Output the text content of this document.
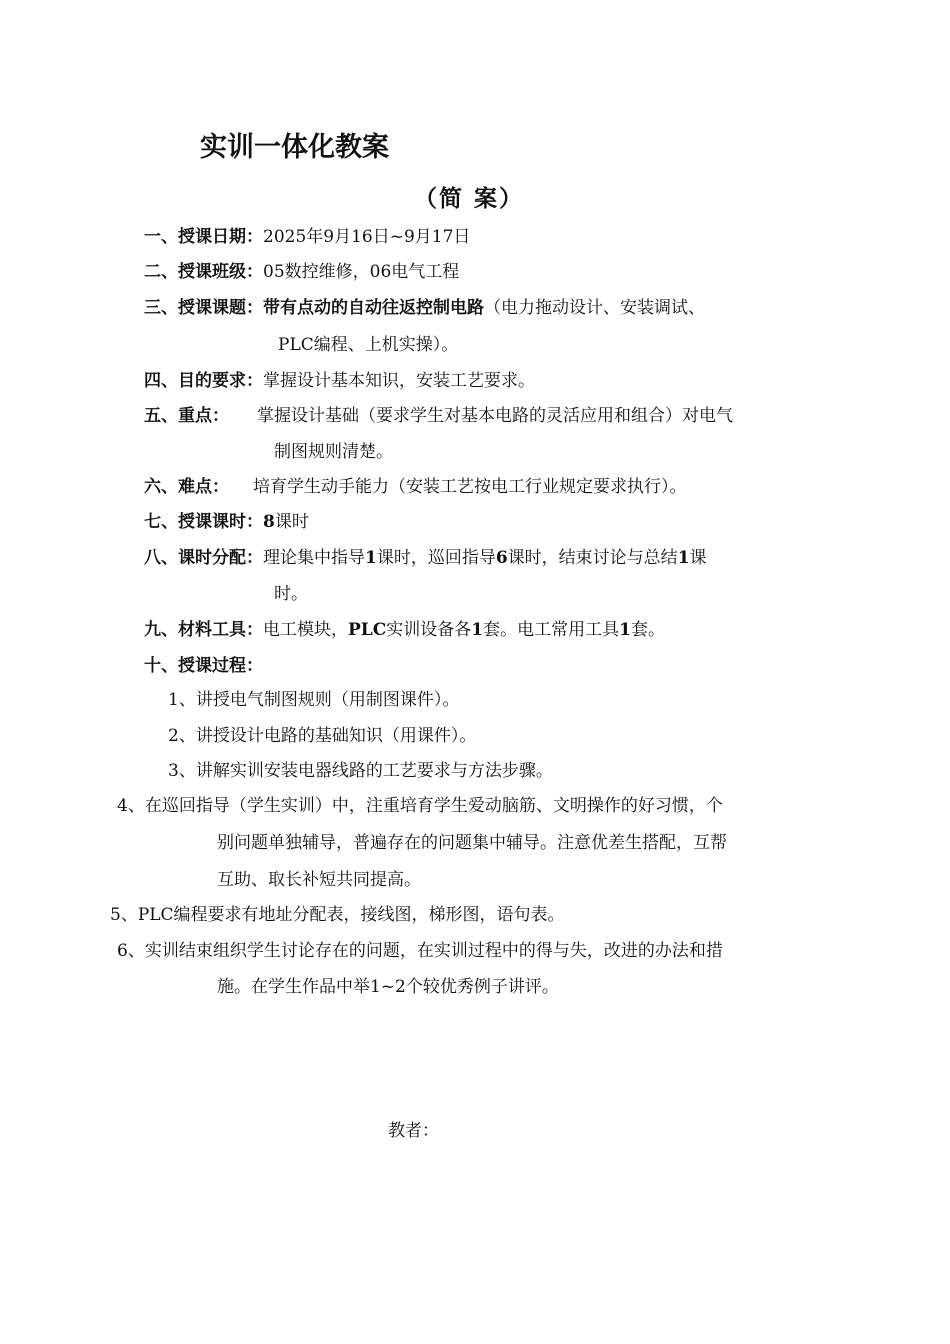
实训一体化教案
（简 案）
一、授课日期：2025年9月16日~9月17日
二、授课班级：05数控维修，06电气工程
三、授课课题：带有点动的自动往返控制电路（电力拖动设计、安装调试、
PLC编程、上机实操）。
四、目的要求：掌握设计基本知识，安装工艺要求。
五、重点： 掌握设计基础（要求学生对基本电路的灵活应用和组合）对电气
制图规则清楚。
六、难点： 培育学生动手能力（安装工艺按电工行业规定要求执行）。
七、授课课时：8课时
八、课时分配：理论集中指导1课时，巡回指导6课时，结束讨论与总结1课
时。
九、材料工具：电工模块，PLC实训设备各1套。电工常用工具1套。
十、授课过程：
1、讲授电气制图规则（用制图课件）。
2、讲授设计电路的基础知识（用课件）。
3、讲解实训安装电器线路的工艺要求与方法步骤。
4、在巡回指导（学生实训）中，注重培育学生爱动脑筋、文明操作的好习惯，个
别问题单独辅导，普遍存在的问题集中辅导。注意优差生搭配，互帮
互助、取长补短共同提高。
5、PLC编程要求有地址分配表，接线图，梯形图，语句表。
6、实训结束组织学生讨论存在的问题，在实训过程中的得与失，改进的办法和措
施。在学生作品中举1~2个较优秀例子讲评。
教者：
